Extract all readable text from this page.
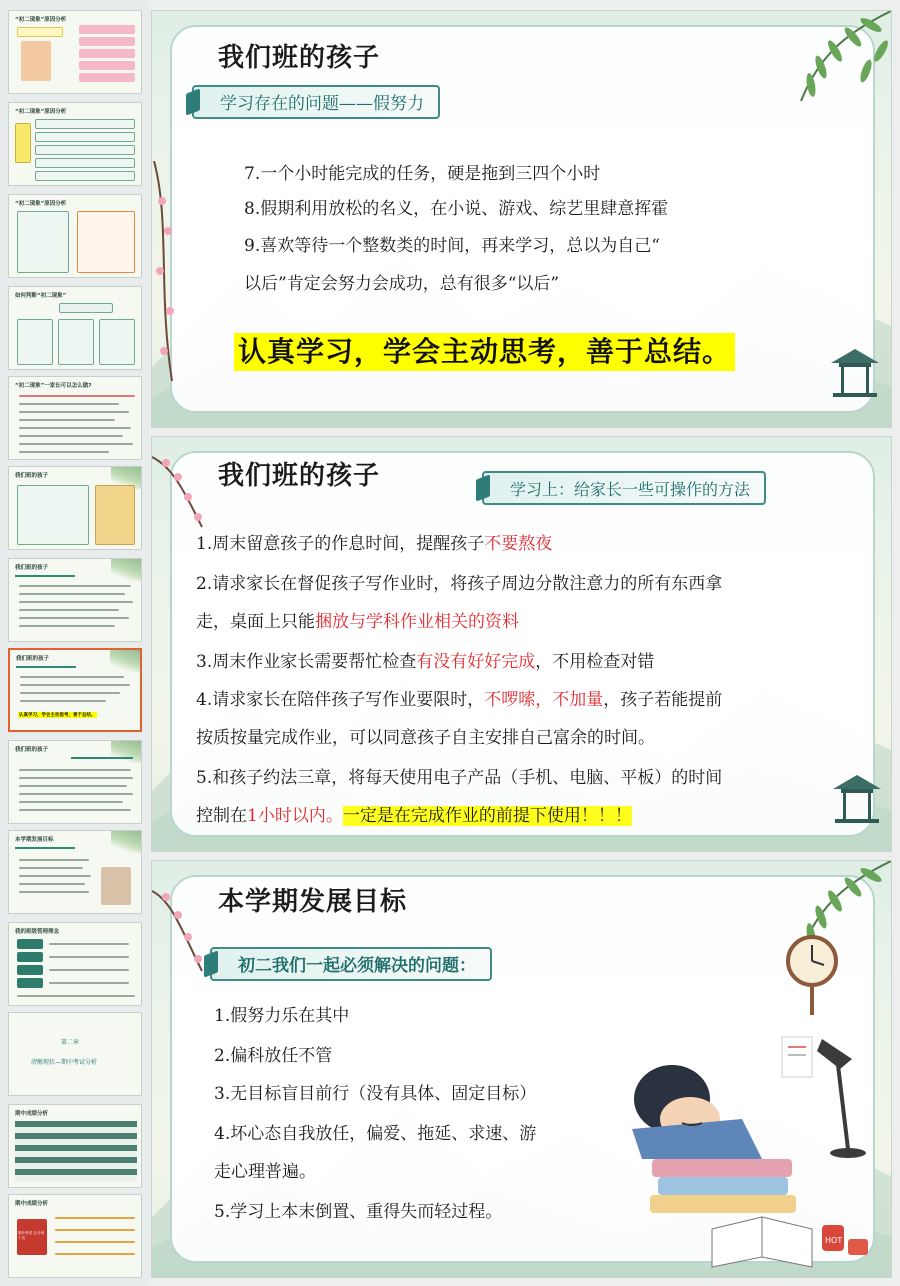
“初二现象”原因分析
“初二现象”原因分析
“初二现象”原因分析
如何判断“初二现象”
“初二现象”一家长可以怎么做?
我们班的孩子
我们班的孩子
我们班的孩子
认真学习，学会主动思考，善于总结。
我们班的孩子
本学期发展目标
我的班级管理理念
第二章
清晰现状—期中考试分析
期中成绩分析
期中成绩分析
期中考试 总分前十名
我们班的孩子
学习存在的问题——假努力
7.一个小时能完成的任务，硬是拖到三四个小时
8.假期利用放松的名义，在小说、游戏、综艺里肆意挥霍
9.喜欢等待一个整数类的时间，再来学习，总以为自己“
以后”肯定会努力会成功，总有很多“以后”
认真学习，学会主动思考，善于总结。
我们班的孩子	学习上：给家长一些可操作的方法
1.周末留意孩子的作息时间，提醒孩子不要熬夜
2.请求家长在督促孩子写作业时，将孩子周边分散注意力的所有东西拿
走，桌面上只能捆放与学科作业相关的资料
3.周末作业家长需要帮忙检查有没有好好完成，不用检查对错
4.请求家长在陪伴孩子写作业要限时，不啰嗦，不加量，孩子若能提前
按质按量完成作业，可以同意孩子自主安排自己富余的时间。
5.和孩子约法三章，将每天使用电子产品（手机、电脑、平板）的时间
控制在1小时以内。一定是在完成作业的前提下使用！！！
HOT
本学期发展目标
初二我们一起必须解决的问题：
1.假努力乐在其中
2.偏科放任不管
3.无目标盲目前行（没有具体、固定目标）
4.坏心态自我放任，偏爱、拖延、求速、游
走心理普遍。
5.学习上本末倒置、重得失而轻过程。
